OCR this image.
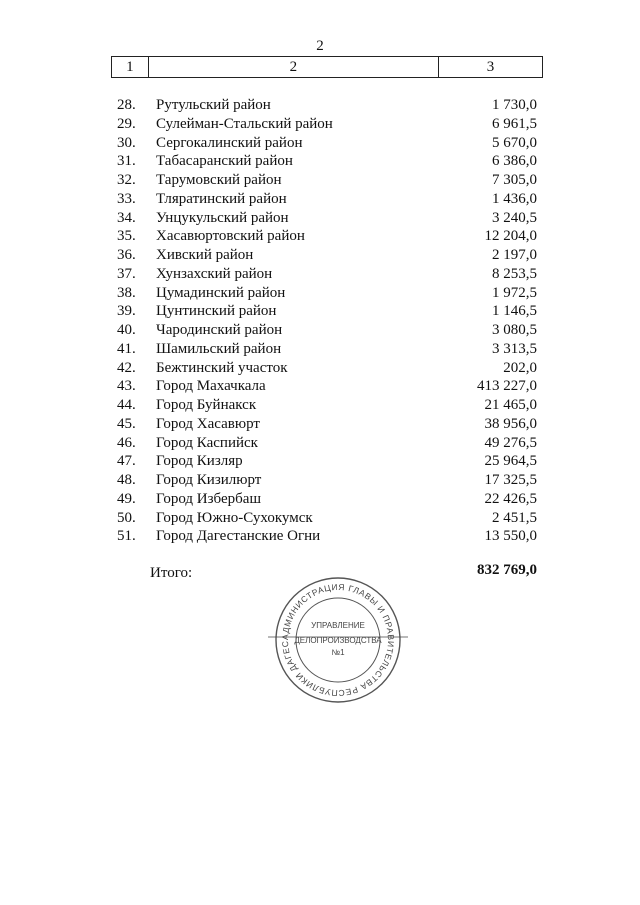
2
1	2	3
28. Рутульский район	1 730,0
29. Сулейман-Стальский район	6 961,5
30. Сергокалинский район	5 670,0
31. Табасаранский район	6 386,0
32. Тарумовский район	7 305,0
33. Тляратинский район	1 436,0
34. Унцукульский район	3 240,5
35. Хасавюртовский район	12 204,0
36. Хивский район	2 197,0
37. Хунзахский район	8 253,5
38. Цумадинский район	1 972,5
39. Цунтинский район	1 146,5
40. Чародинский район	3 080,5
41. Шамильский район	3 313,5
42. Бежтинский участок	202,0
43. Город Махачкала	413 227,0
44. Город Буйнакск	21 465,0
45. Город Хасавюрт	38 956,0
46. Город Каспийск	49 276,5
47. Город Кизляр	25 964,5
48. Город Кизилюрт	17 325,5
49. Город Избербаш	22 426,5
50. Город Южно-Сухокумск	2 451,5
51. Город Дагестанские Огни	13 550,0
Итого:	832 769,0
АДМИНИСТРАЦИЯ ГЛАВЫ И ПРАВИТЕЛЬСТВА РЕСПУБЛИКИ ДАГЕС
УПРАВЛЕНИЕ
ДЕЛОПРОИЗВОДСТВА
№1
